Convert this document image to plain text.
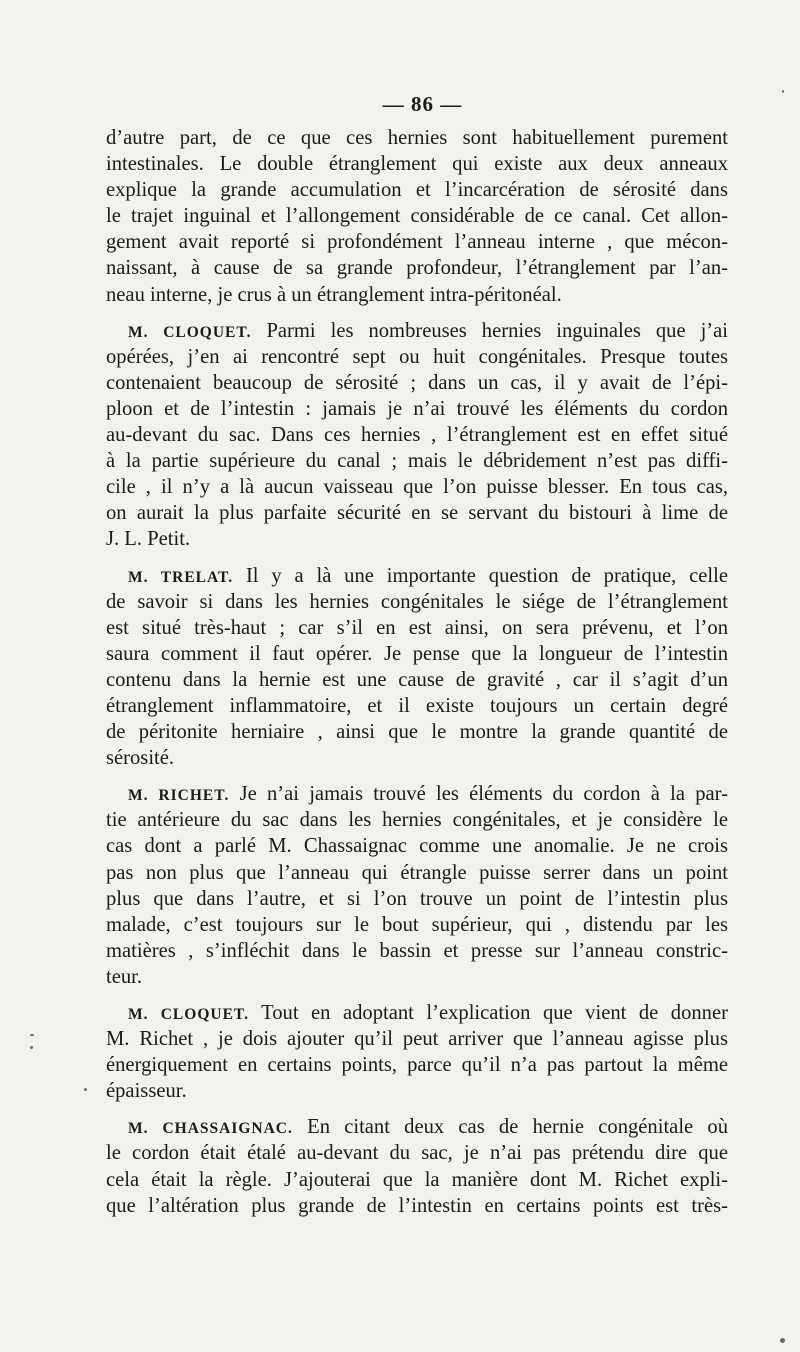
— 86 —
d’autre part, de ce que ces hernies sont habituellement purement
intestinales. Le double étranglement qui existe aux deux anneaux
explique la grande accumulation et l’incarcération de sérosité dans
le trajet inguinal et l’allongement considérable de ce canal. Cet allon-
gement avait reporté si profondément l’anneau interne , que mécon-
naissant, à cause de sa grande profondeur, l’étranglement par l’an-
neau interne, je crus à un étranglement intra-péritonéal.
M. CLOQUET. Parmi les nombreuses hernies inguinales que j’ai
opérées, j’en ai rencontré sept ou huit congénitales. Presque toutes
contenaient beaucoup de sérosité ; dans un cas, il y avait de l’épi-
ploon et de l’intestin : jamais je n’ai trouvé les éléments du cordon
au-devant du sac. Dans ces hernies , l’étranglement est en effet situé
à la partie supérieure du canal ; mais le débridement n’est pas diffi-
cile , il n’y a là aucun vaisseau que l’on puisse blesser. En tous cas,
on aurait la plus parfaite sécurité en se servant du bistouri à lime de
J. L. Petit.
M. TRELAT. Il y a là une importante question de pratique, celle
de savoir si dans les hernies congénitales le siége de l’étranglement
est situé très-haut ; car s’il en est ainsi, on sera prévenu, et l’on
saura comment il faut opérer. Je pense que la longueur de l’intestin
contenu dans la hernie est une cause de gravité , car il s’agit d’un
étranglement inflammatoire, et il existe toujours un certain degré
de péritonite herniaire , ainsi que le montre la grande quantité de
sérosité.
M. RICHET. Je n’ai jamais trouvé les éléments du cordon à la par-
tie antérieure du sac dans les hernies congénitales, et je considère le
cas dont a parlé M. Chassaignac comme une anomalie. Je ne crois
pas non plus que l’anneau qui étrangle puisse serrer dans un point
plus que dans l’autre, et si l’on trouve un point de l’intestin plus
malade, c’est toujours sur le bout supérieur, qui , distendu par les
matières , s’infléchit dans le bassin et presse sur l’anneau constric-
teur.
M. CLOQUET. Tout en adoptant l’explication que vient de donner
M. Richet , je dois ajouter qu’il peut arriver que l’anneau agisse plus
énergiquement en certains points, parce qu’il n’a pas partout la même
épaisseur.
M. CHASSAIGNAC. En citant deux cas de hernie congénitale où
le cordon était étalé au-devant du sac, je n’ai pas prétendu dire que
cela était la règle. J’ajouterai que la manière dont M. Richet expli-
que l’altération plus grande de l’intestin en certains points est très-
